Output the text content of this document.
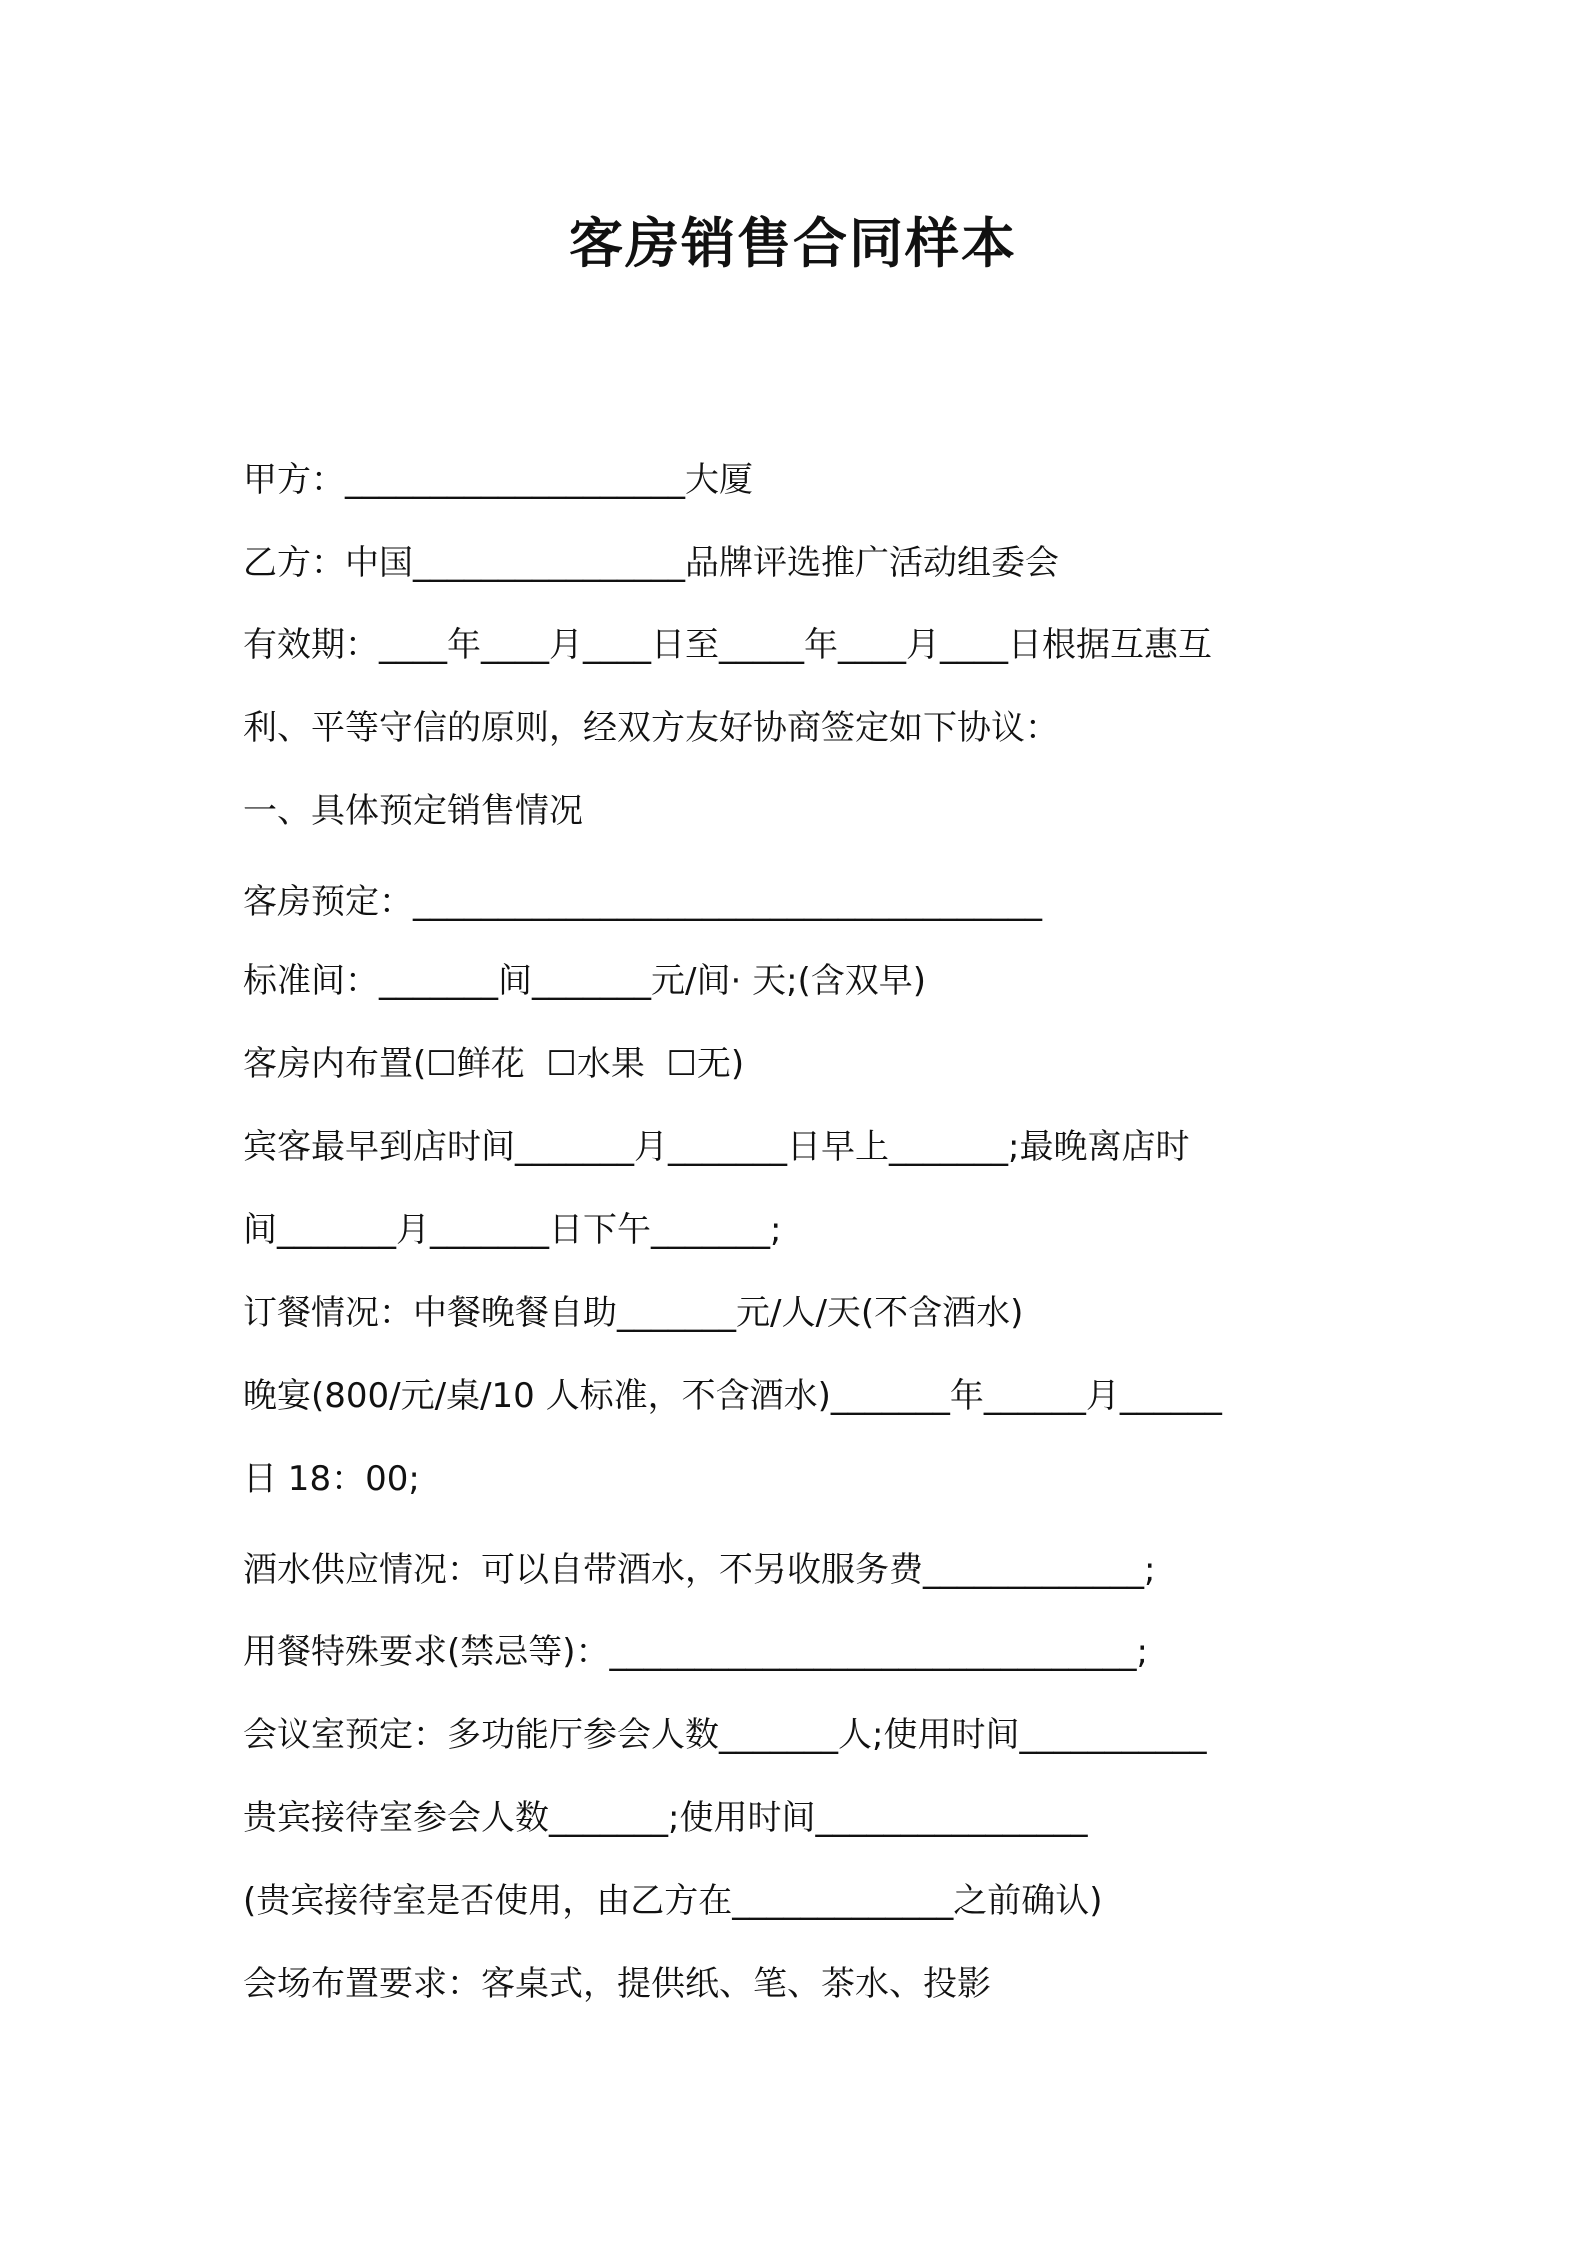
客房销售合同样本
甲方：____________________大厦
乙方：中国________________品牌评选推广活动组委会
有效期：____年____月____日至_____年____月____日根据互惠互
利、平等守信的原则，经双方友好协商签定如下协议：
一、具体预定销售情况
客房预定：_____________________________________
标准间：_______间_______元/间· 天;(含双早)
客房内布置(☐鲜花  ☐水果  ☐无)
宾客最早到店时间_______月_______日早上_______;最晚离店时
间_______月_______日下午_______;
订餐情况：中餐晚餐自助_______元/人/天(不含酒水)
晚宴(800/元/桌/10 人标准，不含酒水)_______年______月______
日 18：00;
酒水供应情况：可以自带酒水，不另收服务费_____________;
用餐特殊要求(禁忌等)：_______________________________;
会议室预定：多功能厅参会人数_______人;使用时间___________
贵宾接待室参会人数_______;使用时间________________
(贵宾接待室是否使用，由乙方在_____________之前确认)
会场布置要求：客桌式，提供纸、笔、茶水、投影
